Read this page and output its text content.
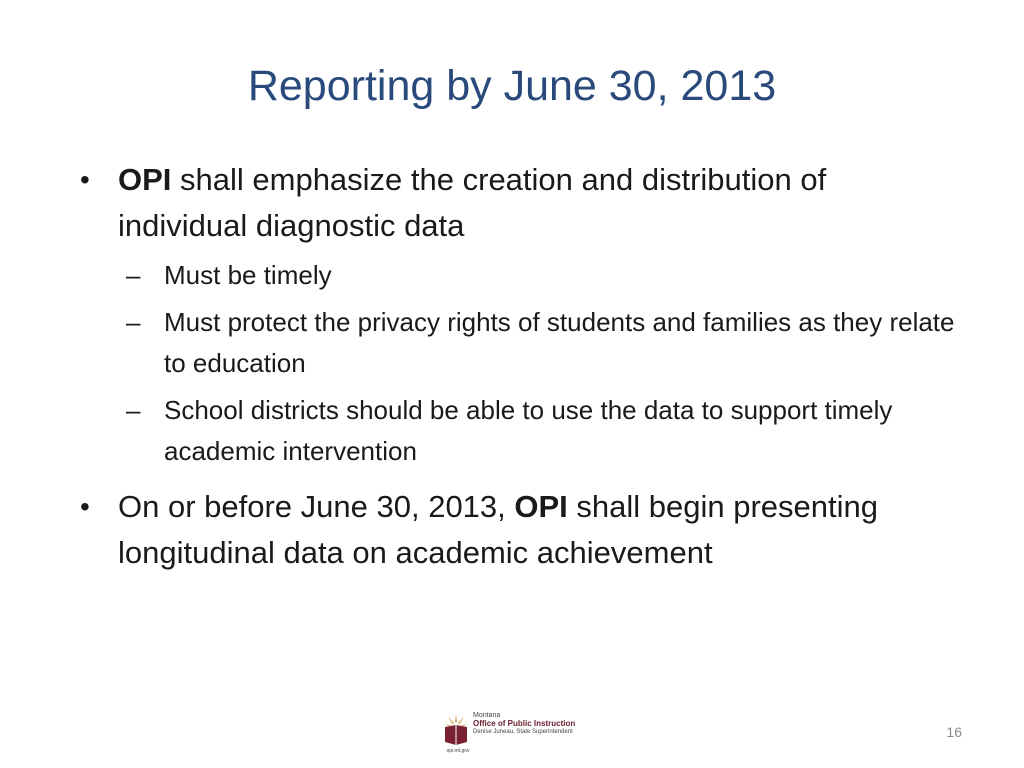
Reporting by June 30, 2013

• OPI shall emphasize the creation and distribution of individual diagnostic data

– Must be timely

– Must protect the privacy rights of students and families as they relate to education

– School districts should be able to use the data to support timely academic intervention

• On or before June 30, 2013, OPI shall begin presenting longitudinal data on academic achievement

Montana
Office of Public Instruction
Denise Juneau, State Superintendent
opi.mt.gov
16
